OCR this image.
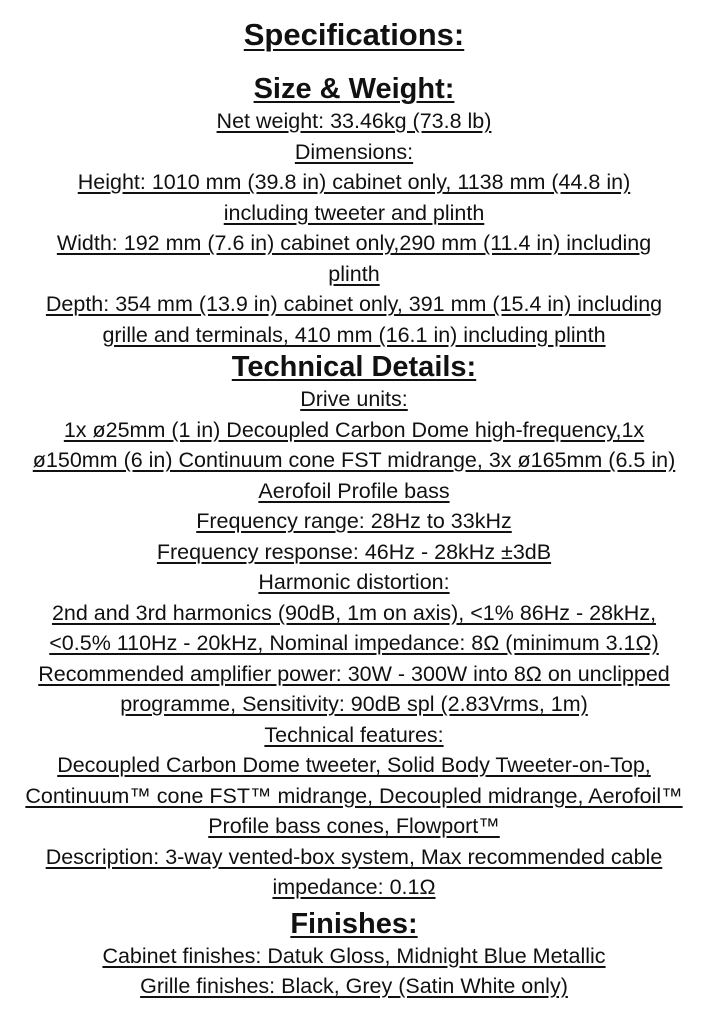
Specifications:
Size & Weight:

Net weight: 33.46kg (73.8 lb)

Dimensions:

Height: 1010 mm (39.8 in) cabinet only, 1138 mm (44.8 in)

including tweeter and plinth

Width: 192 mm (7.6 in) cabinet only,290 mm (11.4 in) including

plinth

Depth: 354 mm (13.9 in) cabinet only, 391 mm (15.4 in) including

grille and terminals, 410 mm (16.1 in) including plinth

Technical Details:

Drive units:

1x ø25mm (1 in) Decoupled Carbon Dome high-frequency,1x

ø150mm (6 in) Continuum cone FST midrange, 3x ø165mm (6.5 in)

Aerofoil Profile bass

Frequency range: 28Hz to 33kHz

Frequency response: 46Hz - 28kHz ±3dB

Harmonic distortion:

2nd and 3rd harmonics (90dB, 1m on axis), <1% 86Hz - 28kHz,

<0.5% 110Hz - 20kHz, Nominal impedance: 8Ω (minimum 3.1Ω)

Recommended amplifier power: 30W - 300W into 8Ω on unclipped

programme, Sensitivity: 90dB spl (2.83Vrms, 1m)

Technical features:

Decoupled Carbon Dome tweeter, Solid Body Tweeter-on-Top,

Continuum™ cone FST™ midrange, Decoupled midrange, Aerofoil™

Profile bass cones, Flowport™

Description: 3-way vented-box system, Max recommended cable

impedance: 0.1Ω

Finishes:

Cabinet finishes: Datuk Gloss, Midnight Blue Metallic

Grille finishes: Black, Grey (Satin White only)
